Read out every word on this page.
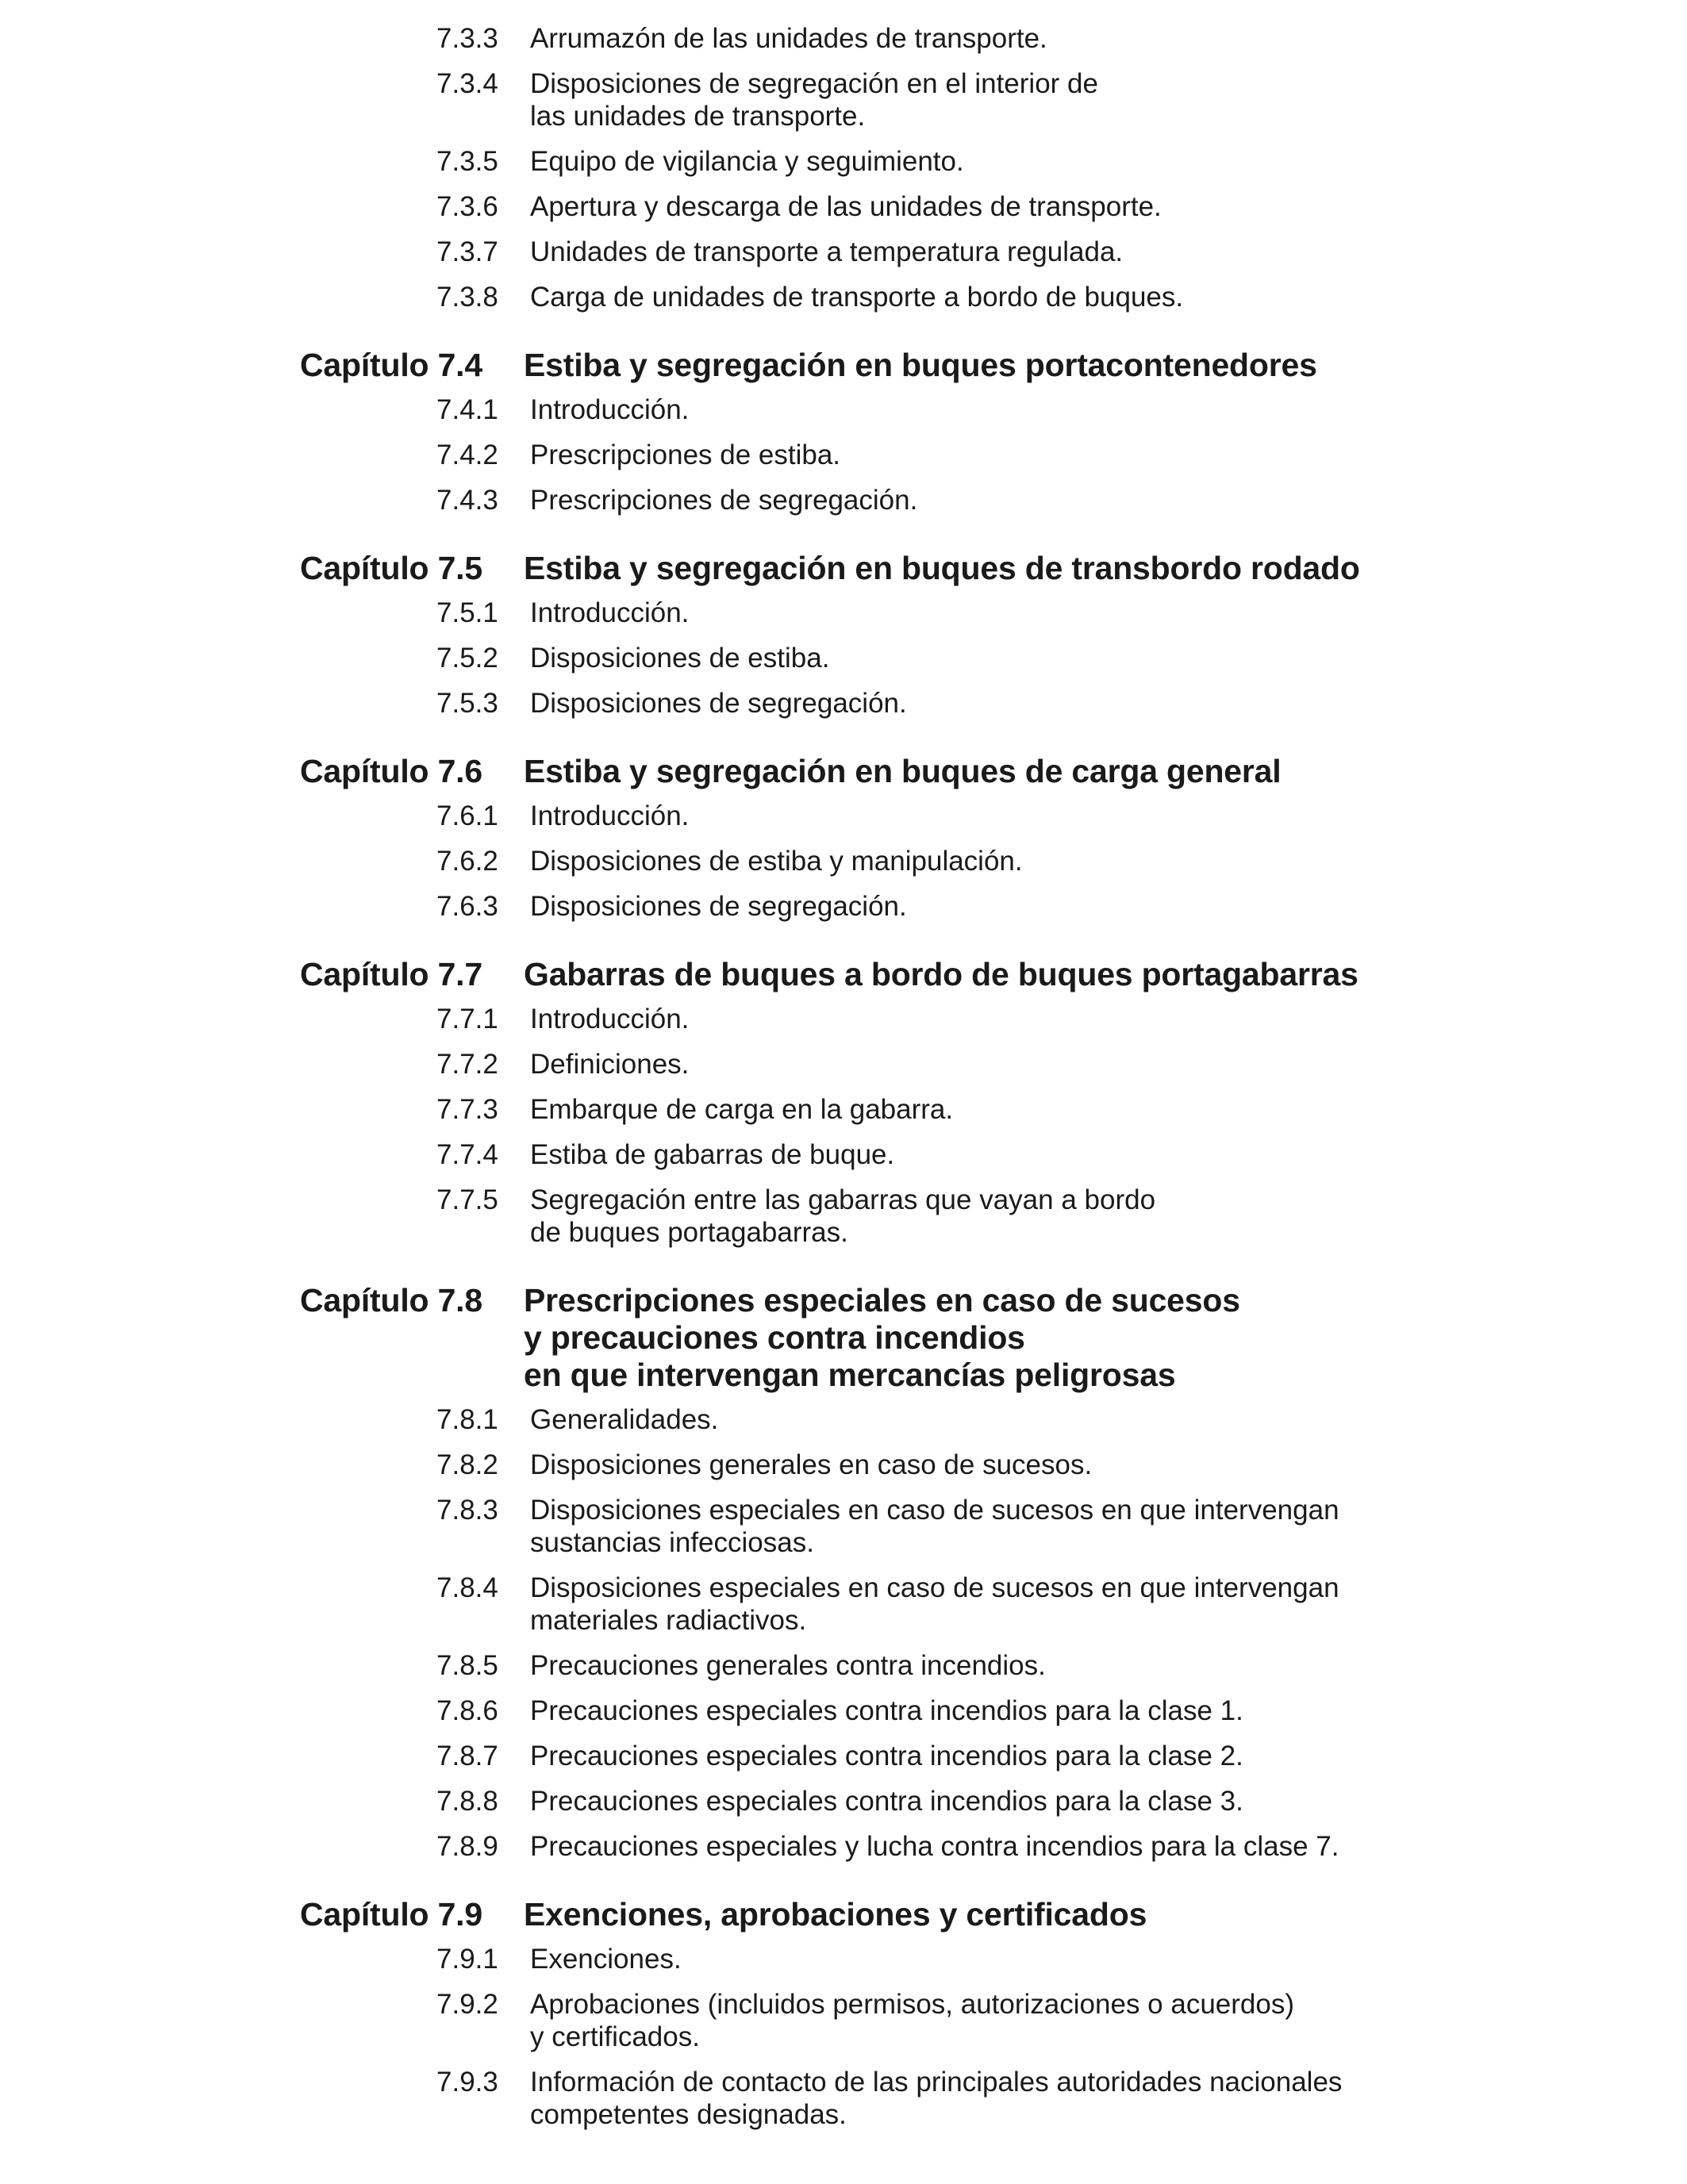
7.3.3 Arrumazón de las unidades de transporte.
7.3.4 Disposiciones de segregación en el interior de
las unidades de transporte.
7.3.5 Equipo de vigilancia y seguimiento.
7.3.6 Apertura y descarga de las unidades de transporte.
7.3.7 Unidades de transporte a temperatura regulada.
7.3.8 Carga de unidades de transporte a bordo de buques.
Capítulo 7.4 Estiba y segregación en buques portacontenedores
7.4.1 Introducción.
7.4.2 Prescripciones de estiba.
7.4.3 Prescripciones de segregación.
Capítulo 7.5 Estiba y segregación en buques de transbordo rodado
7.5.1 Introducción.
7.5.2 Disposiciones de estiba.
7.5.3 Disposiciones de segregación.
Capítulo 7.6 Estiba y segregación en buques de carga general
7.6.1 Introducción.
7.6.2 Disposiciones de estiba y manipulación.
7.6.3 Disposiciones de segregación.
Capítulo 7.7 Gabarras de buques a bordo de buques portagabarras
7.7.1 Introducción.
7.7.2 Definiciones.
7.7.3 Embarque de carga en la gabarra.
7.7.4 Estiba de gabarras de buque.
7.7.5 Segregación entre las gabarras que vayan a bordo
de buques portagabarras.
Capítulo 7.8 Prescripciones especiales en caso de sucesos
y precauciones contra incendios
en que intervengan mercancías peligrosas
7.8.1 Generalidades.
7.8.2 Disposiciones generales en caso de sucesos.
7.8.3 Disposiciones especiales en caso de sucesos en que intervengan
sustancias infecciosas.
7.8.4 Disposiciones especiales en caso de sucesos en que intervengan
materiales radiactivos.
7.8.5 Precauciones generales contra incendios.
7.8.6 Precauciones especiales contra incendios para la clase 1.
7.8.7 Precauciones especiales contra incendios para la clase 2.
7.8.8 Precauciones especiales contra incendios para la clase 3.
7.8.9 Precauciones especiales y lucha contra incendios para la clase 7.
Capítulo 7.9 Exenciones, aprobaciones y certificados
7.9.1 Exenciones.
7.9.2 Aprobaciones (incluidos permisos, autorizaciones o acuerdos)
y certificados.
7.9.3 Información de contacto de las principales autoridades nacionales
competentes designadas.
